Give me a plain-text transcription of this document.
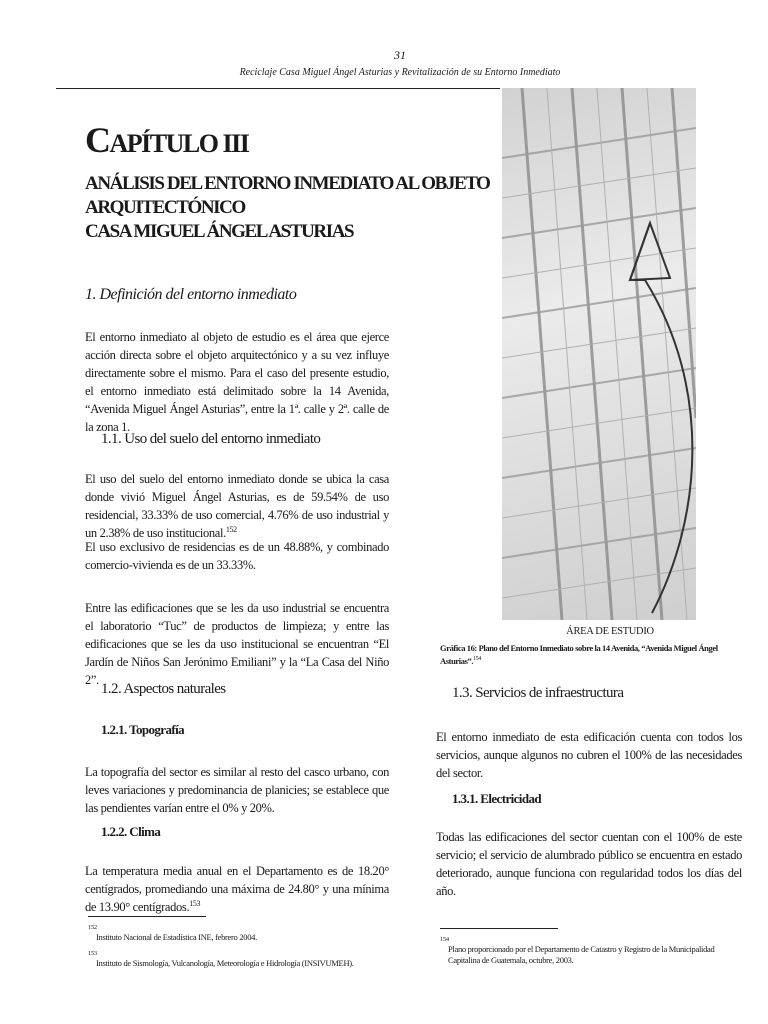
31
Reciclaje Casa Miguel Ángel Asturias y Revitalización de su Entorno Inmediato
CAPÍTULO III
ANÁLISIS DEL ENTORNO INMEDIATO AL OBJETO
ARQUITECTÓNICO
CASA MIGUEL ÁNGEL ASTURIAS
1. Definición del entorno inmediato
El entorno inmediato al objeto de estudio es el área que ejerce acción directa sobre el objeto arquitectónico y a su vez influye directamente sobre el mismo. Para el caso del presente estudio, el entorno inmediato está delimitado sobre la 14 Avenida, “Avenida Miguel Ángel Asturias”, entre la 1ª. calle y 2ª. calle de la zona 1.
1.1. Uso del suelo del entorno inmediato
El uso del suelo del entorno inmediato donde se ubica la casa donde vivió Miguel Ángel Asturias, es de 59.54% de uso residencial, 33.33% de uso comercial, 4.76% de uso industrial y un 2.38% de uso institucional.$^{152}$
El uso exclusivo de residencias es de un 48.88%, y combinado comercio-vivienda es de un 33.33%.
Entre las edificaciones que se les da uso industrial se encuentra el laboratorio “Tuc” de productos de limpieza; y entre las edificaciones que se les da uso institucional se encuentran “El Jardín de Niños San Jerónimo Emiliani” y la “La Casa del Niño 2”.
1.2. Aspectos naturales
1.2.1. Topografía
La topografía del sector es similar al resto del casco urbano, con leves variaciones y predominancia de planicies; se establece que las pendientes varían entre el 0% y 20%.
1.2.2. Clima
La temperatura media anual en el Departamento es de 18.20° centígrados, promediando una máxima de 24.80° y una mínima de 13.90° centígrados.$^{153}$
152
Instituto Nacional de Estadística INE, febrero 2004.
153
Instituto de Sismología, Vulcanología, Meteorología e Hidrología (INSIVUMEH).
ÁREA DE ESTUDIO
Gráfica 16: Plano del Entorno Inmediato sobre la 14 Avenida, “Avenida Miguel Ángel Asturias”.$^{154}$
1.3. Servicios de infraestructura
El entorno inmediato de esta edificación cuenta con todos los servicios, aunque algunos no cubren el 100% de las necesidades del sector.
1.3.1. Electricidad
Todas las edificaciones del sector cuentan con el 100% de este servicio; el servicio de alumbrado público se encuentra en estado deteriorado, aunque funciona con regularidad todos los días del año.
154
Plano proporcionado por el Departamento de Catastro y Registro de la Municipalidad Capitalina de Guatemala, octubre, 2003.
